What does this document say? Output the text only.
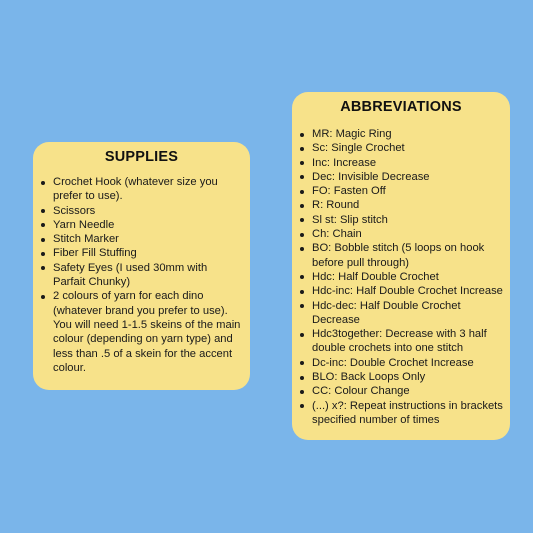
SUPPLIES
Crochet Hook (whatever size you prefer to use).
Scissors
Yarn Needle
Stitch Marker
Fiber Fill Stuffing
Safety Eyes (I used 30mm with Parfait Chunky)
2 colours of yarn for each dino (whatever brand you prefer to use). You will need 1-1.5 skeins of the main colour (depending on yarn type) and less than .5 of a skein for the accent colour.
ABBREVIATIONS
MR: Magic Ring
Sc: Single Crochet
Inc: Increase
Dec: Invisible Decrease
FO: Fasten Off
R: Round
Sl st: Slip stitch
Ch: Chain
BO: Bobble stitch (5 loops on hook before pull through)
Hdc: Half Double Crochet
Hdc-inc: Half Double Crochet Increase
Hdc-dec: Half Double Crochet Decrease
Hdc3together: Decrease with 3 half double crochets into one stitch
Dc-inc: Double Crochet Increase
BLO: Back Loops Only
CC: Colour Change
(...) x?: Repeat instructions in brackets specified number of times
